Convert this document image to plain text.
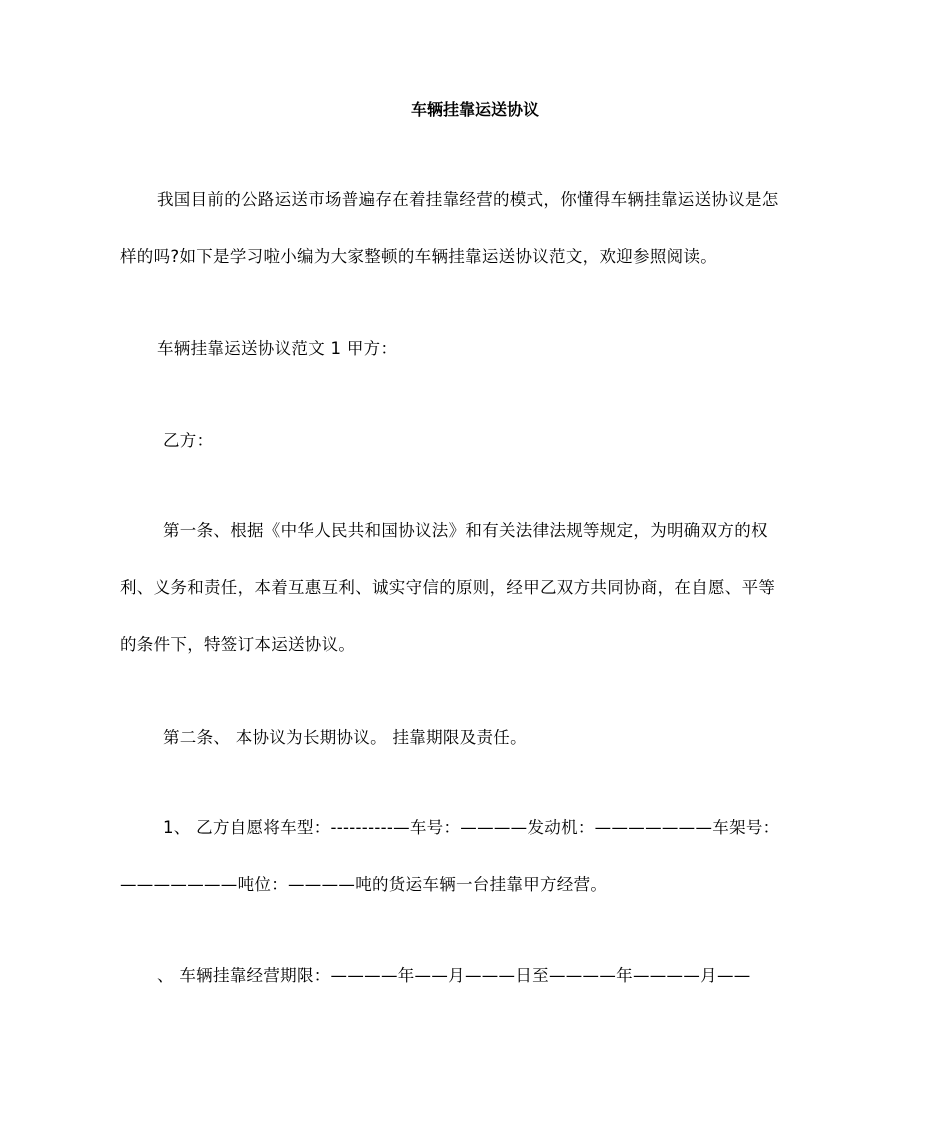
车辆挂靠运送协议
我国目前的公路运送市场普遍存在着挂靠经营的模式，你懂得车辆挂靠运送协议是怎
样的吗?如下是学习啦小编为大家整顿的车辆挂靠运送协议范文，欢迎参照阅读。
车辆挂靠运送协议范文 1 甲方：
乙方：
第一条、根据《中华人民共和国协议法》和有关法律法规等规定，为明确双方的权
利、义务和责任，本着互惠互利、诚实守信的原则，经甲乙双方共同协商，在自愿、平等
的条件下，特签订本运送协议。
第二条、 本协议为长期协议。 挂靠期限及责任。
1、 乙方自愿将车型：----------—车号：————发动机：———————车架号：
———————吨位：————吨的货运车辆一台挂靠甲方经营。
、 车辆挂靠经营期限：————年——月———日至————年————月——
